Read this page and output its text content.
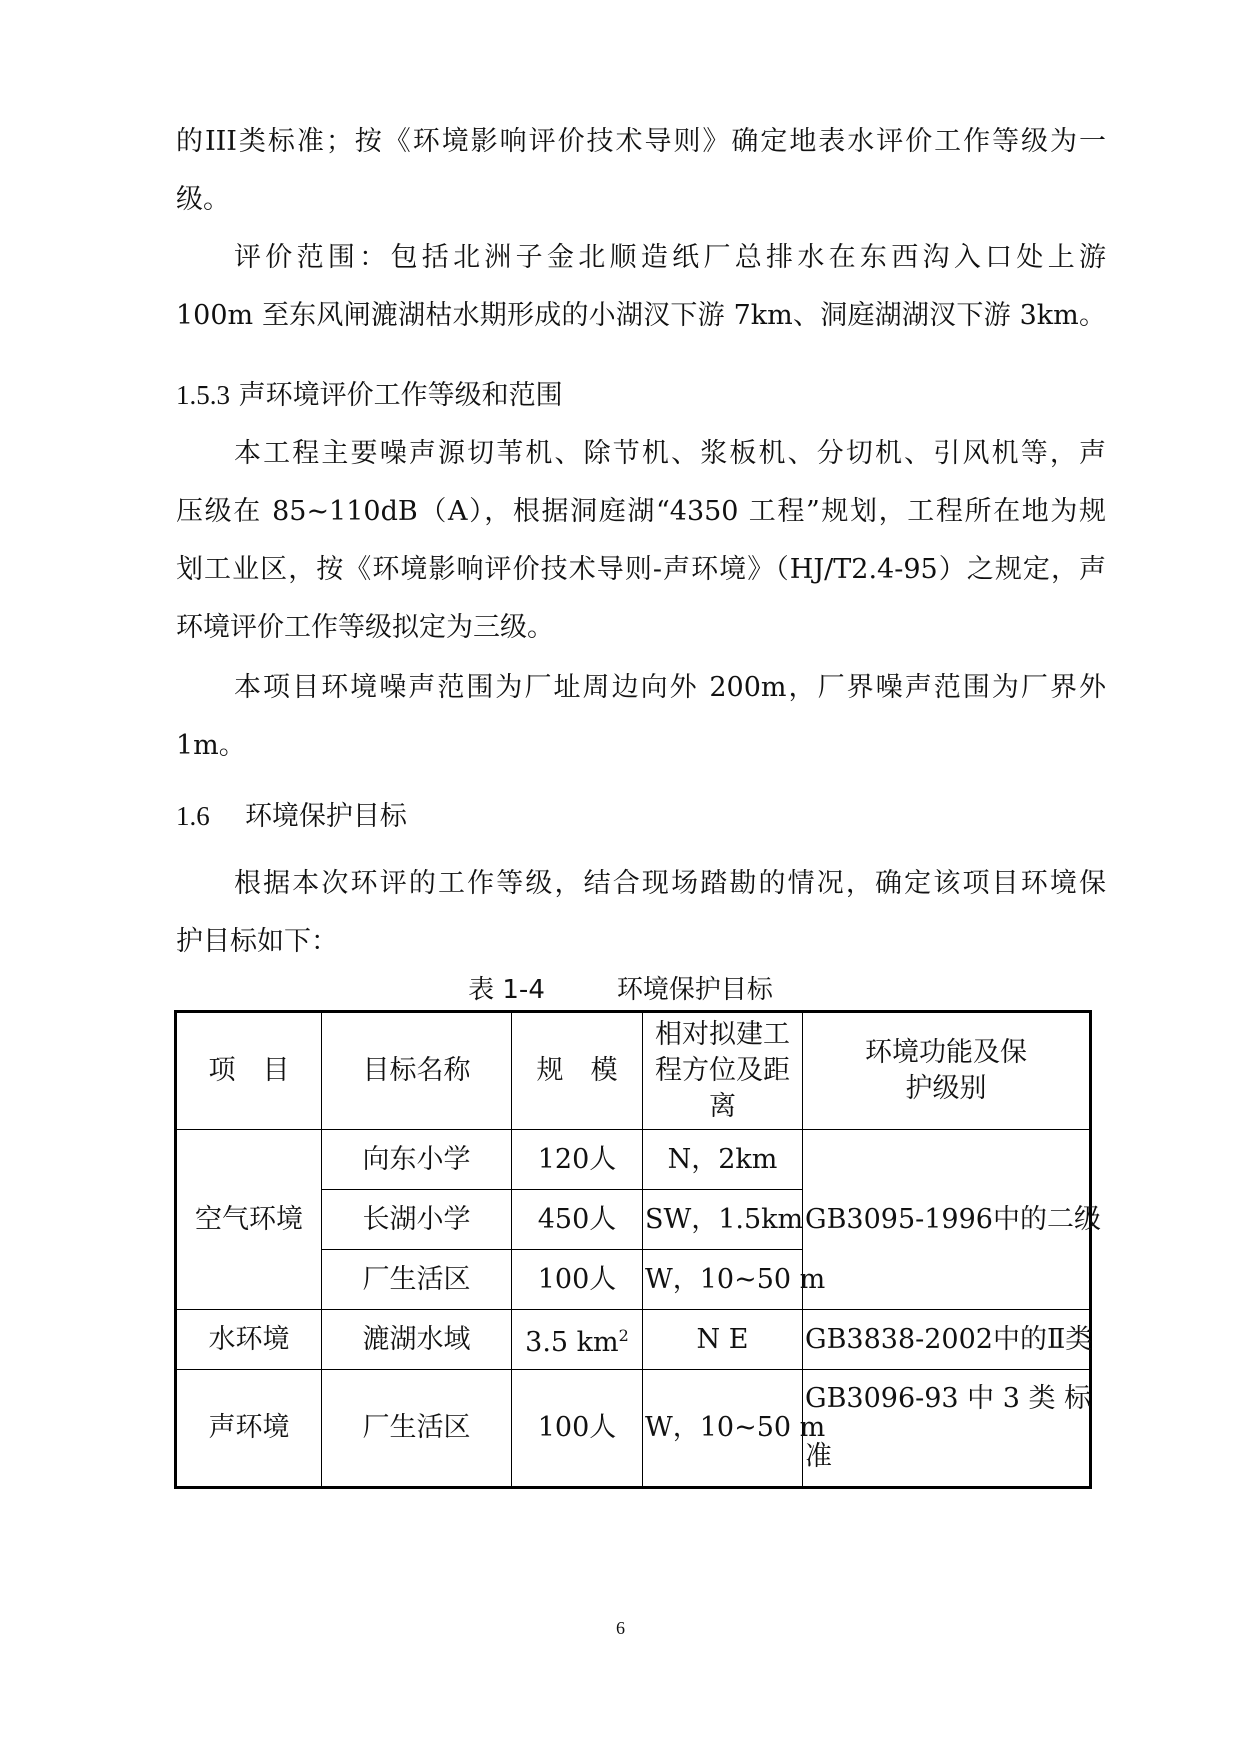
的III类标准；按《环境影响评价技术导则》确定地表水评价工作等级为一
级。
评价范围：包括北洲子金北顺造纸厂总排水在东西沟入口处上游
100m 至东风闸漉湖枯水期形成的小湖汊下游 7km、洞庭湖湖汊下游 3km。
1.5.3 声环境评价工作等级和范围
本工程主要噪声源切苇机、除节机、浆板机、分切机、引风机等，声
压级在 85~110dB（A），根据洞庭湖“4350 工程”规划，工程所在地为规
划工业区，按《环境影响评价技术导则-声环境》（HJ/T2.4-95）之规定，声
环境评价工作等级拟定为三级。
本项目环境噪声范围为厂址周边向外 200m，厂界噪声范围为厂界外
1m。
1.6 环境保护目标
根据本次环评的工作等级，结合现场踏勘的情况，确定该项目环境保
护目标如下：
表 1-4	环境保护目标
项　目	目标名称	规　模	相对拟建工程方位及距离	环境功能及保护级别
空气环境	向东小学	120人	N，2km	GB3095-1996中的二级
	长湖小学	450人	SW，1.5km	
	厂生活区	100人	W，10~50 m	
水环境	漉湖水域	3.5 $km^2$	N E	GB3838-2002中的Ⅱ类
声环境	厂生活区	100人	W，10~50 m	GB3096-93 中 3 类 标
准
6
